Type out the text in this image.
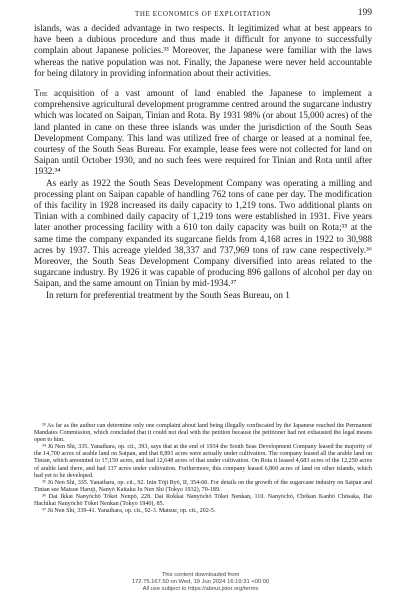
THE ECONOMICS OF EXPLOITATION	199

islands, was a decided advantage in two respects. It legitimized what at best appears to have been a dubious procedure and thus made it difficult for anyone to successfully complain about Japanese policies.³³ Moreover, the Japanese were familiar with the laws whereas the native population was not. Finally, the Japanese were never held accountable for being dilatory in providing information about their activities.

The acquisition of a vast amount of land enabled the Japanese to implement a comprehensive agricultural development programme centred around the sugarcane industry which was located on Saipan, Tinian and Rota. By 1931 98% (or about 15,000 acres) of the land planted in cane on these three islands was under the jurisdiction of the South Seas Development Company. This land was utilized free of charge or leased at a nominal fee, courtesy of the South Seas Bureau. For example, lease fees were not collected for land on Saipan until October 1930, and no such fees were required for Tinian and Rota until after 1932.³⁴

As early as 1922 the South Seas Development Company was operating a milling and processing plant on Saipan capable of handling 762 tons of cane per day. The modification of this facility in 1928 increased its daily capacity to 1,219 tons. Two additional plants on Tinian with a combined daily capacity of 1,219 tons were established in 1931. Five years later another processing facility with a 610 ton daily capacity was built on Rota;³⁵ at the same time the company expanded its sugarcane fields from 4,168 acres in 1922 to 30,988 acres by 1937. This acreage yielded 38,337 and 737,969 tons of raw cane respectively.³⁶ Moreover, the South Seas Development Company diversified into areas related to the sugarcane industry. By 1926 it was capable of producing 896 gallons of alcohol per day on Saipan, and the same amount on Tinian by mid-1934.³⁷

In return for preferential treatment by the South Seas Bureau, on 1

³³ As far as the author can determine only one complaint about land being illegally confiscated by the Japanese reached the Permanent Mandates Commission, which concluded that it could not deal with the petition because the petitioner had not exhausted the legal means open to him.

³⁴ Jū Nen Shi, 335. Yanaihara, op. cit., 393, says that at the end of 1934 the South Seas Development Company leased the majority of the 14,700 acres of arable land on Saipan, and that 8,891 acres were actually under cultivation. The company leased all the arable land on Tinian, which amounted to 17,150 acres, and had 12,648 acres of that under cultivation. On Rota it leased 4,683 acres of the 12,250 acres of arable land there, and had 137 acres under cultivation. Furthermore, this company leased 6,860 acres of land on other islands, which had yet to be developed.

³⁵ Jū Nen Shi, 335. Yanaihara, op. cit., 92. Inin Tōji Ryō, II, 354-60. For details on the growth of the sugarcane industry on Saipan and Tinian see Matsue Haruji, Nanyō Kaitaku Ju Nen Shi (Tokyo 1932), 70-189.

³⁶ Dai Ikkai Nanyōchō Tōkei Nenpō, 228. Dai Rokkai Nanyōchō Tōkei Nenkan, 110. Nanyōchō, Chōkan Kanbō Chōsaka, Dai Hachikai Nanyōchō Tōkei Nenkan (Tokyo 1940), 85.

³⁷ Jū Nen Shi, 339-41. Yanaihara, op. cit., 92-3. Matsue, op. cit., 202-5.

This content downloaded from
172.75.167.50 on Wed, 19 Jun 2024 16:19:31 +00:00
All use subject to https://about.jstor.org/terms
